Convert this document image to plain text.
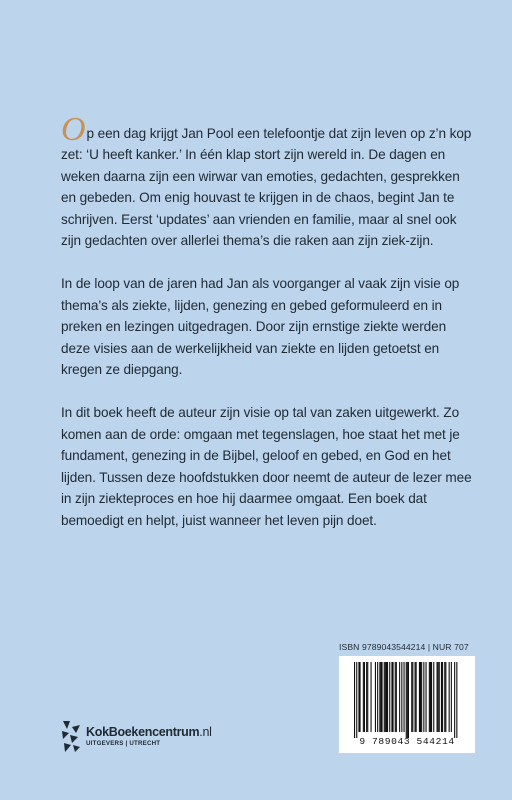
Op een dag krijgt Jan Pool een telefoontje dat zijn leven op z’n kop zet: ‘U heeft kanker.’ In één klap stort zijn wereld in. De dagen en weken daarna zijn een wirwar van emoties, gedachten, gesprekken en gebeden. Om enig houvast te krijgen in de chaos, begint Jan te schrijven. Eerst ‘updates’ aan vrienden en familie, maar al snel ook zijn gedachten over allerlei thema’s die raken aan zijn ziek-zijn.

In de loop van de jaren had Jan als voorganger al vaak zijn visie op thema’s als ziekte, lijden, genezing en gebed geformuleerd en in preken en lezingen uitgedragen. Door zijn ernstige ziekte werden deze visies aan de werkelijkheid van ziekte en lijden getoetst en kregen ze diepgang.

In dit boek heeft de auteur zijn visie op tal van zaken uitgewerkt. Zo komen aan de orde: omgaan met tegenslagen, hoe staat het met je fundament, genezing in de Bijbel, geloof en gebed, en God en het lijden. Tussen deze hoofdstukken door neemt de auteur de lezer mee in zijn ziekteproces en hoe hij daarmee omgaat. Een boek dat bemoedigt en helpt, juist wanneer het leven pijn doet.

ISBN 9789043544214 | NUR 707
9 789043 544214
KokBoekencentrum.nl
UITGEVERS | UTRECHT
